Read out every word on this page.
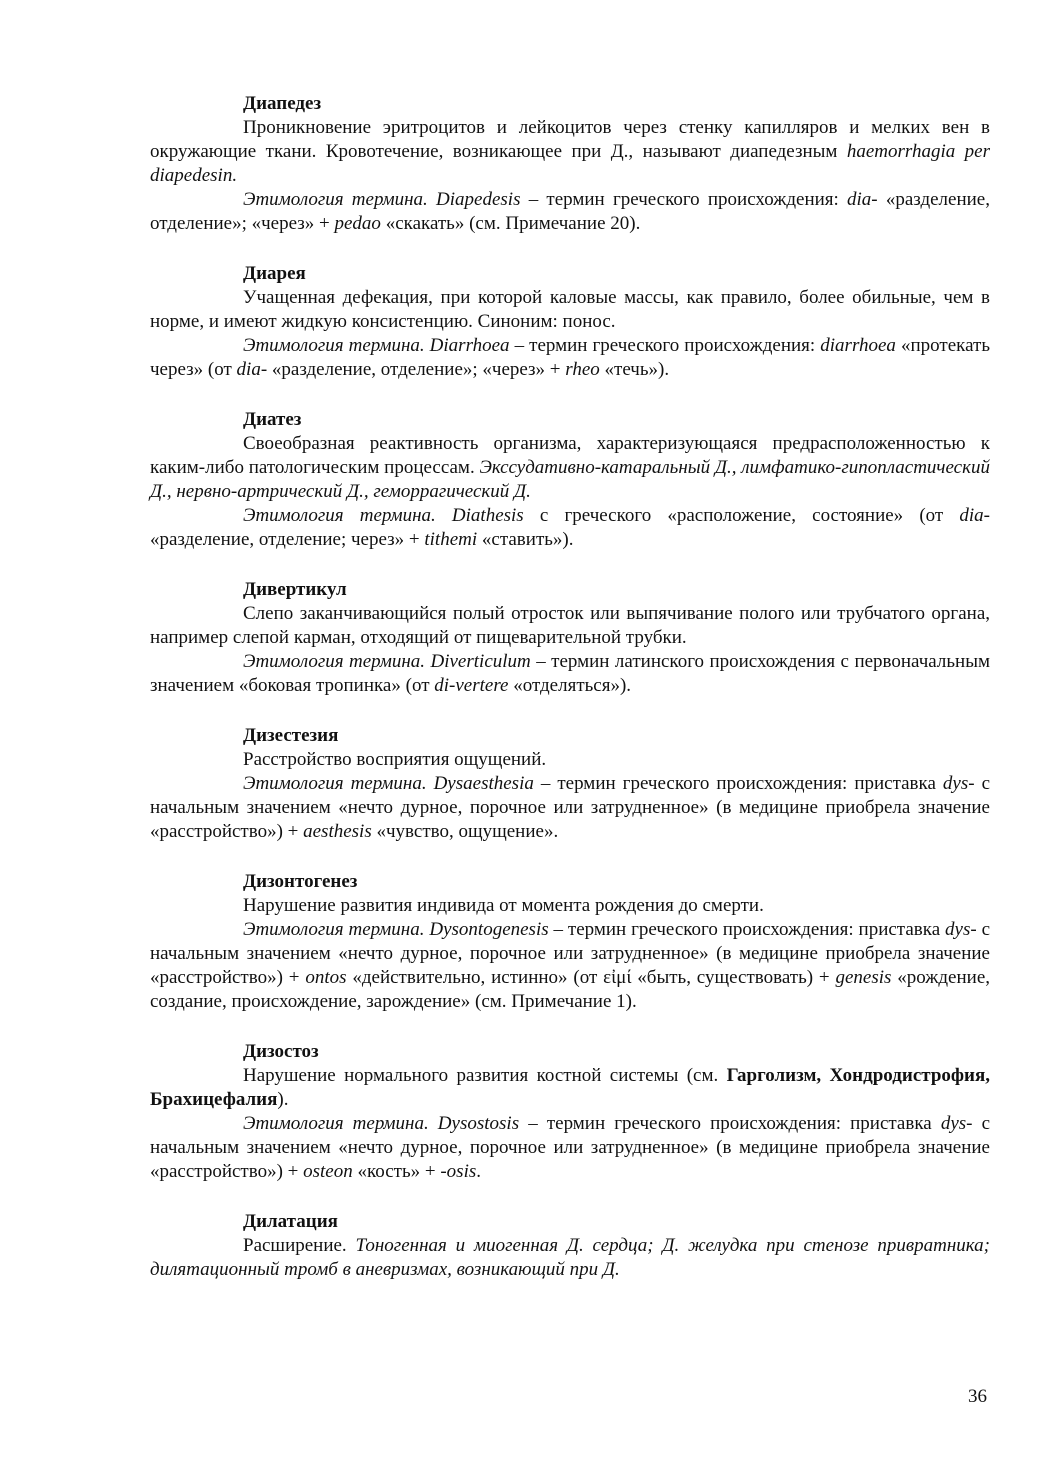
Диапедез

Проникновение эритроцитов и лейкоцитов через стенку капилляров и мелких вен в окружающие ткани. Кровотечение, возникающее при Д., называют диапедезным haemorrhagia per diapedesin.

Этимология термина. Diapedesis – термин греческого происхождения: dia- «разделение, отделение»; «через» + pedao «скакать» (см. Примечание 20).

Диарея

Учащенная дефекация, при которой каловые массы, как правило, более обильные, чем в норме, и имеют жидкую консистенцию. Синоним: понос.

Этимология термина. Diarrhoea – термин греческого происхождения: diarrhoea «протекать через» (от dia- «разделение, отделение»; «через» + rheo «течь»).

Диатез

Своеобразная реактивность организма, характеризующаяся предрасположенностью к каким-либо патологическим процессам. Экссудативно-катаральный Д., лимфатико-гипопластический Д., нервно-артрический Д., геморрагический Д.

Этимология термина. Diathesis с греческого «расположение, состояние» (от dia- «разделение, отделение; через» + tithemi «ставить»).

Дивертикул

Слепо заканчивающийся полый отросток или выпячивание полого или трубчатого органа, например слепой карман, отходящий от пищеварительной трубки.

Этимология термина. Diverticulum – термин латинского происхождения с первоначальным значением «боковая тропинка» (от di-vertere «отделяться»).

Дизестезия

Расстройство восприятия ощущений.

Этимология термина. Dysaesthesia – термин греческого происхождения: приставка dys- с начальным значением «нечто дурное, порочное или затрудненное» (в медицине приобрела значение «расстройство») + aesthesis «чувство, ощущение».

Дизонтогенез

Нарушение развития индивида от момента рождения до смерти.

Этимология термина. Dysontogenesis – термин греческого происхождения: приставка dys- с начальным значением «нечто дурное, порочное или затрудненное» (в медицине приобрела значение «расстройство») + ontos «действительно, истинно» (от εἰμί «быть, существовать) + genesis «рождение, создание, происхождение, зарождение» (см. Примечание 1).

Дизостоз

Нарушение нормального развития костной системы (см. Гарголизм, Хондродистрофия, Брахицефалия).

Этимология термина. Dysostosis – термин греческого происхождения: приставка dys- с начальным значением «нечто дурное, порочное или затрудненное» (в медицине приобрела значение «расстройство») + osteon «кость» + -osis.

Дилатация

Расширение. Тоногенная и миогенная Д. сердца; Д. желудка при стенозе привратника; дилятационный тромб в аневризмах, возникающий при Д.

36
